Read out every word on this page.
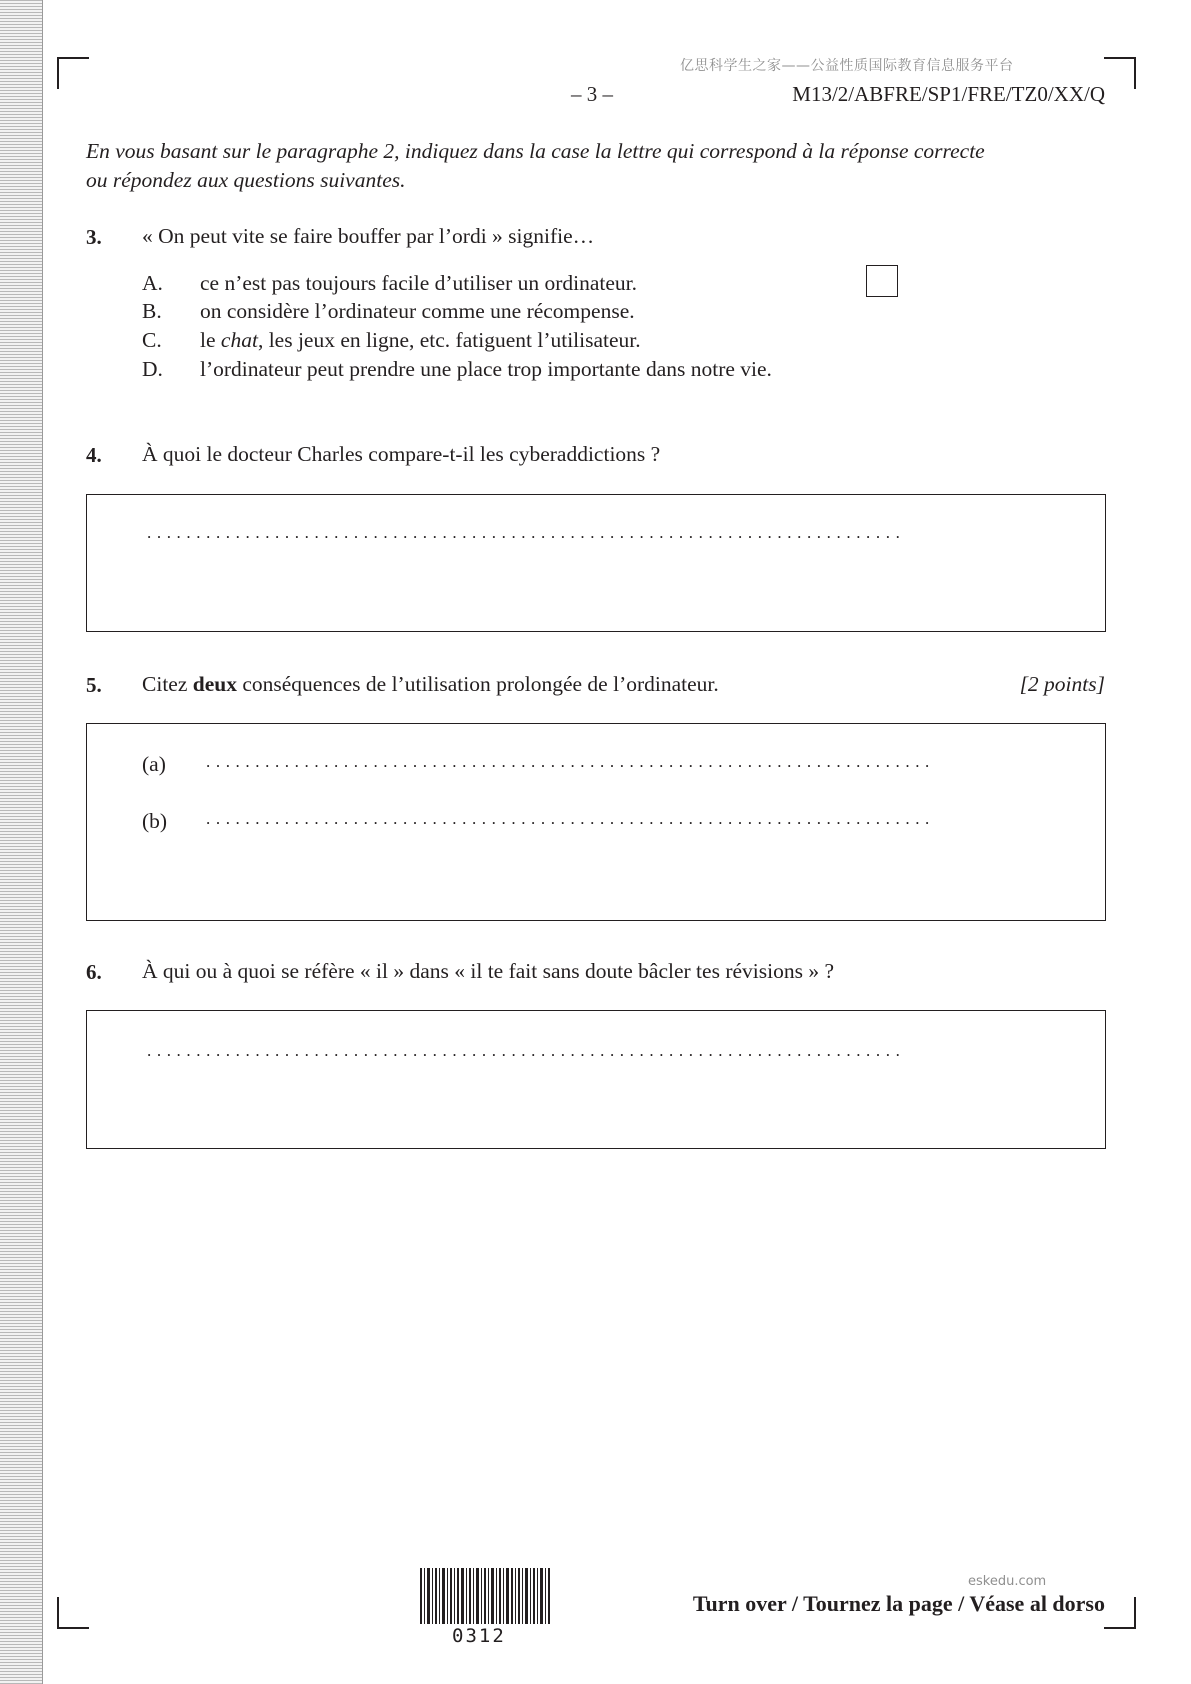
亿思科学生之家——公益性质国际教育信息服务平台
– 3 –	M13/2/ABFRE/SP1/FRE/TZ0/XX/Q
En vous basant sur le paragraphe 2, indiquez dans la case la lettre qui correspond à la réponse correcte
ou répondez aux questions suivantes.
3. « On peut vite se faire bouffer par l’ordi » signifie…
A. ce n’est pas toujours facile d’utiliser un ordinateur.
B. on considère l’ordinateur comme une récompense.
C. le chat, les jeux en ligne, etc. fatiguent l’utilisateur.
D. l’ordinateur peut prendre une place trop importante dans notre vie.
4. À quoi le docteur Charles compare-t-il les cyberaddictions ?
.............................................................................
5. Citez deux conséquences de l’utilisation prolongée de l’ordinateur.	[2 points]
(a) ..........................................................................
(b) ..........................................................................
6. À qui ou à quoi se réfère « il » dans « il te fait sans doute bâcler tes révisions » ?
.............................................................................
0312
eskedu.com
Turn over / Tournez la page / Véase al dorso
